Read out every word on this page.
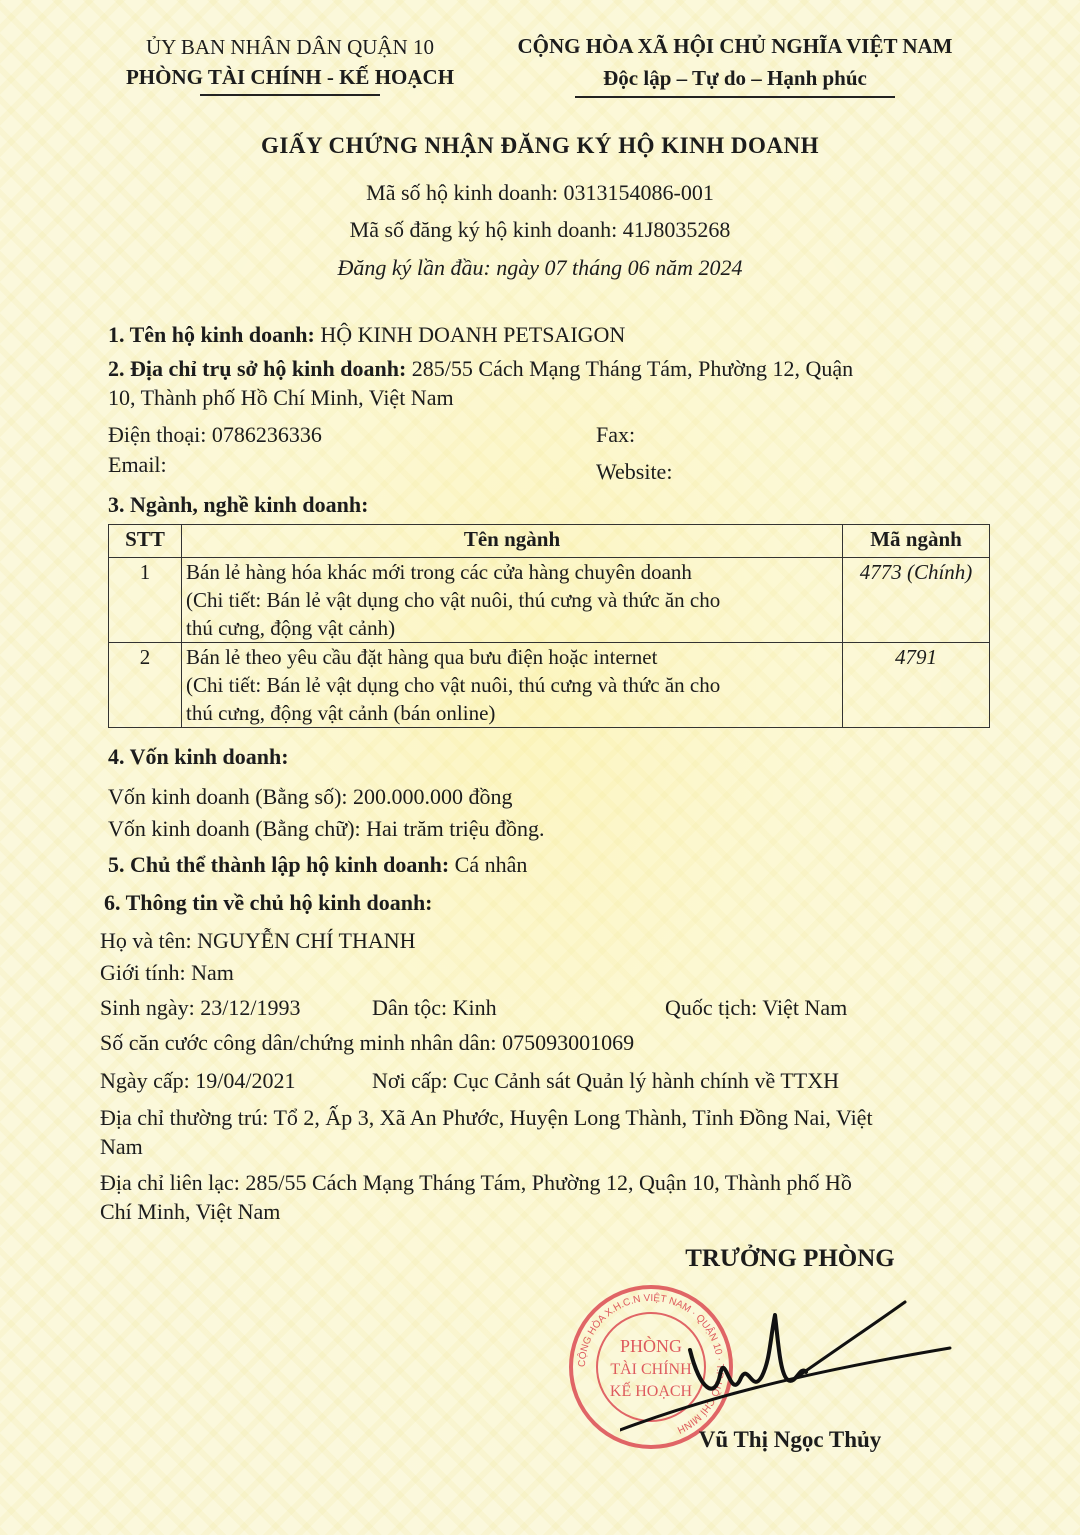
ỦY BAN NHÂN DÂN QUẬN 10
PHÒNG TÀI CHÍNH - KẾ HOẠCH
CỘNG HÒA XÃ HỘI CHỦ NGHĨA VIỆT NAM
Độc lập – Tự do – Hạnh phúc
GIẤY CHỨNG NHẬN ĐĂNG KÝ HỘ KINH DOANH
Mã số hộ kinh doanh: 0313154086-001
Mã số đăng ký hộ kinh doanh: 41J8035268
Đăng ký lần đầu: ngày 07 tháng 06 năm 2024
1. Tên hộ kinh doanh: HỘ KINH DOANH PETSAIGON
2. Địa chỉ trụ sở hộ kinh doanh: 285/55 Cách Mạng Tháng Tám, Phường 12, Quận
10, Thành phố Hồ Chí Minh, Việt Nam
Điện thoại: 0786236336	Fax:
Email:	Website:
3. Ngành, nghề kinh doanh:
STT	Tên ngành	Mã ngành
1	Bán lẻ hàng hóa khác mới trong các cửa hàng chuyên doanh
(Chi tiết: Bán lẻ vật dụng cho vật nuôi, thú cưng và thức ăn cho
thú cưng, động vật cảnh)	4773 (Chính)
2	Bán lẻ theo yêu cầu đặt hàng qua bưu điện hoặc internet
(Chi tiết: Bán lẻ vật dụng cho vật nuôi, thú cưng và thức ăn cho
thú cưng, động vật cảnh (bán online)	4791
4. Vốn kinh doanh:
Vốn kinh doanh (Bằng số): 200.000.000 đồng
Vốn kinh doanh (Bằng chữ): Hai trăm triệu đồng.
5. Chủ thể thành lập hộ kinh doanh: Cá nhân
6. Thông tin về chủ hộ kinh doanh:
Họ và tên: NGUYỄN CHÍ THANH
Giới tính: Nam
Sinh ngày: 23/12/1993	Dân tộc: Kinh	Quốc tịch: Việt Nam
Số căn cước công dân/chứng minh nhân dân: 075093001069
Ngày cấp: 19/04/2021	Nơi cấp: Cục Cảnh sát Quản lý hành chính về TTXH
Địa chỉ thường trú: Tổ 2, Ấp 3, Xã An Phước, Huyện Long Thành, Tỉnh Đồng Nai, Việt
Nam
Địa chỉ liên lạc: 285/55 Cách Mạng Tháng Tám, Phường 12, Quận 10, Thành phố Hồ
Chí Minh, Việt Nam
TRƯỞNG PHÒNG
CỘNG HÒA X.H.C.N VIỆT NAM · QUẬN 10 · T.P HỒ CHÍ MINH
PHÒNG
TÀI CHÍNH
KẾ HOẠCH
Vũ Thị Ngọc Thủy
